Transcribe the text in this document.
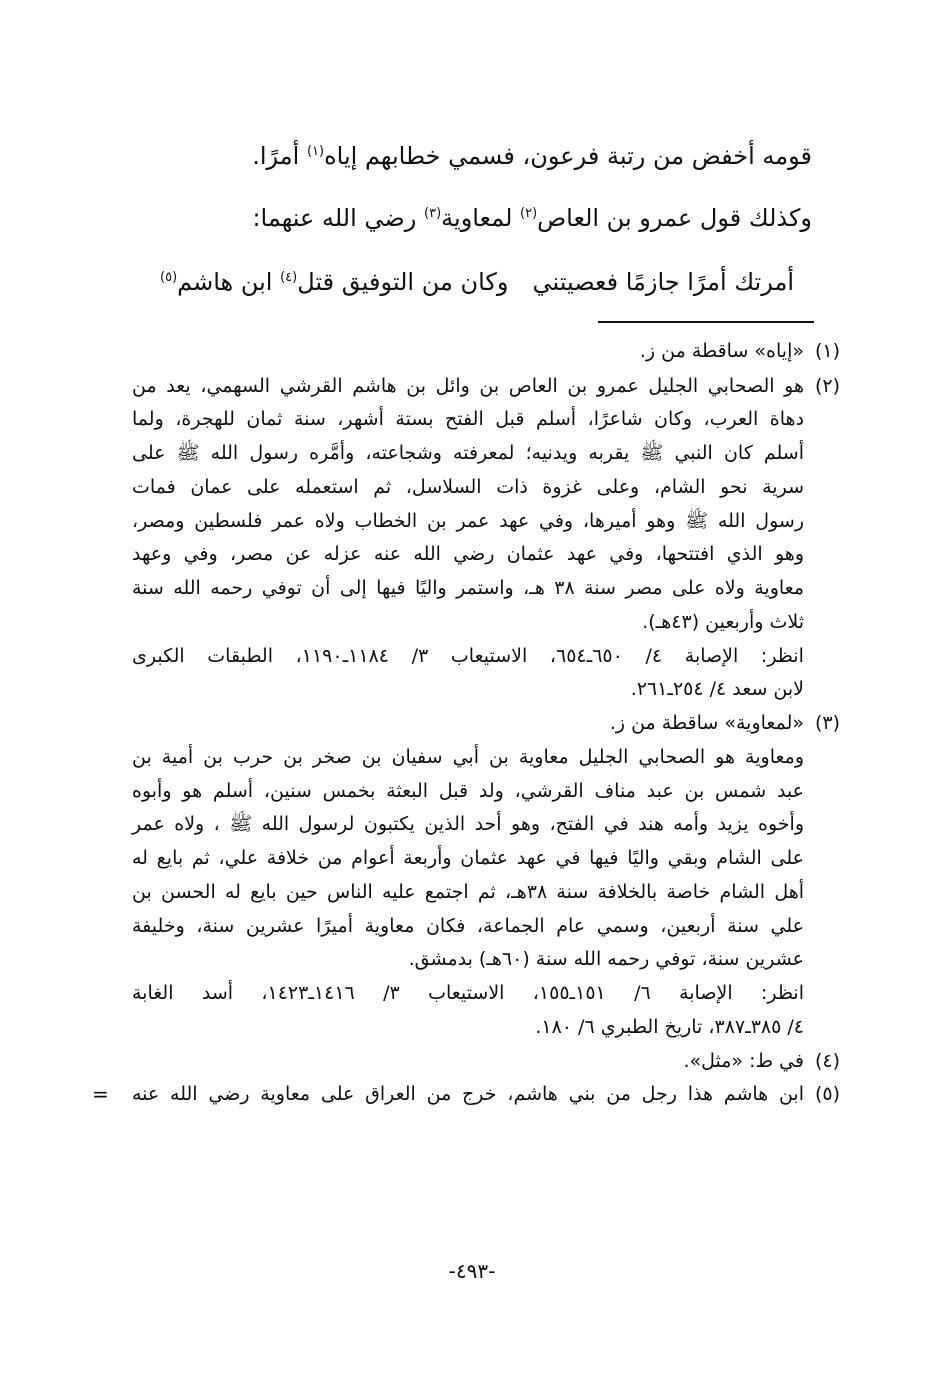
قومه أخفض من رتبة فرعون، فسمي خطابهم إياه$^{(١)}$ أمرًا.
وكذلك قول عمرو بن العاص$^{(٢)}$ لمعاوية$^{(٣)}$ رضي الله عنهما:
أمرتك أمرًا جازمًا فعصيتني
وكان من التوفيق قتل$^{(٤)}$ ابن هاشم$^{(٥)}$
(١)
«إياه» ساقطة من ز.
(٢)
هو الصحابي الجليل عمرو بن العاص بن وائل بن هاشم القرشي السهمي، يعد من
دهاة العرب، وكان شاعرًا، أسلم قبل الفتح بستة أشهر، سنة ثمان للهجرة، ولما
أسلم كان النبي ﷺ يقربه ويدنيه؛ لمعرفته وشجاعته، وأمَّره رسول الله ﷺ على
سرية نحو الشام، وعلى غزوة ذات السلاسل، ثم استعمله على عمان فمات
رسول الله ﷺ وهو أميرها، وفي عهد عمر بن الخطاب ولاه عمر فلسطين ومصر،
وهو الذي افتتحها، وفي عهد عثمان رضي الله عنه عزله عن مصر، وفي وعهد
معاوية ولاه على مصر سنة ٣٨ هـ، واستمر واليًا فيها إلى أن توفي رحمه الله سنة
ثلاث وأربعين (٤٣هـ).
انظر: الإصابة ٤/ ٦٥٠ـ٦٥٤، الاستيعاب ٣/ ١١٨٤ـ١١٩٠، الطبقات الكبرى
لابن سعد ٤/ ٢٥٤ـ٢٦١.
(٣)
«لمعاوية» ساقطة من ز.
ومعاوية هو الصحابي الجليل معاوية بن أبي سفيان بن صخر بن حرب بن أمية بن
عبد شمس بن عبد مناف القرشي، ولد قبل البعثة بخمس سنين، أسلم هو وأبوه
وأخوه يزيد وأمه هند في الفتح، وهو أحد الذين يكتبون لرسول الله ﷺ ، ولاه عمر
على الشام وبقي واليًا فيها في عهد عثمان وأربعة أعوام من خلافة علي، ثم بايع له
أهل الشام خاصة بالخلافة سنة ٣٨هـ، ثم اجتمع عليه الناس حين بايع له الحسن بن
علي سنة أربعين، وسمي عام الجماعة، فكان معاوية أميرًا عشرين سنة، وخليفة
عشرين سنة، توفي رحمه الله سنة (٦٠هـ) بدمشق.
انظر: الإصابة ٦/ ١٥١ـ١٥٥، الاستيعاب ٣/ ١٤١٦ـ١٤٢٣، أسد الغابة
٤/ ٣٨٥ـ٣٨٧، تاريخ الطبري ٦/ ١٨٠.
(٤)
في ط: «مثل».
(٥)
ابن هاشم هذا رجل من بني هاشم، خرج من العراق على معاوية رضي الله عنه
=
-٤٩٣-
